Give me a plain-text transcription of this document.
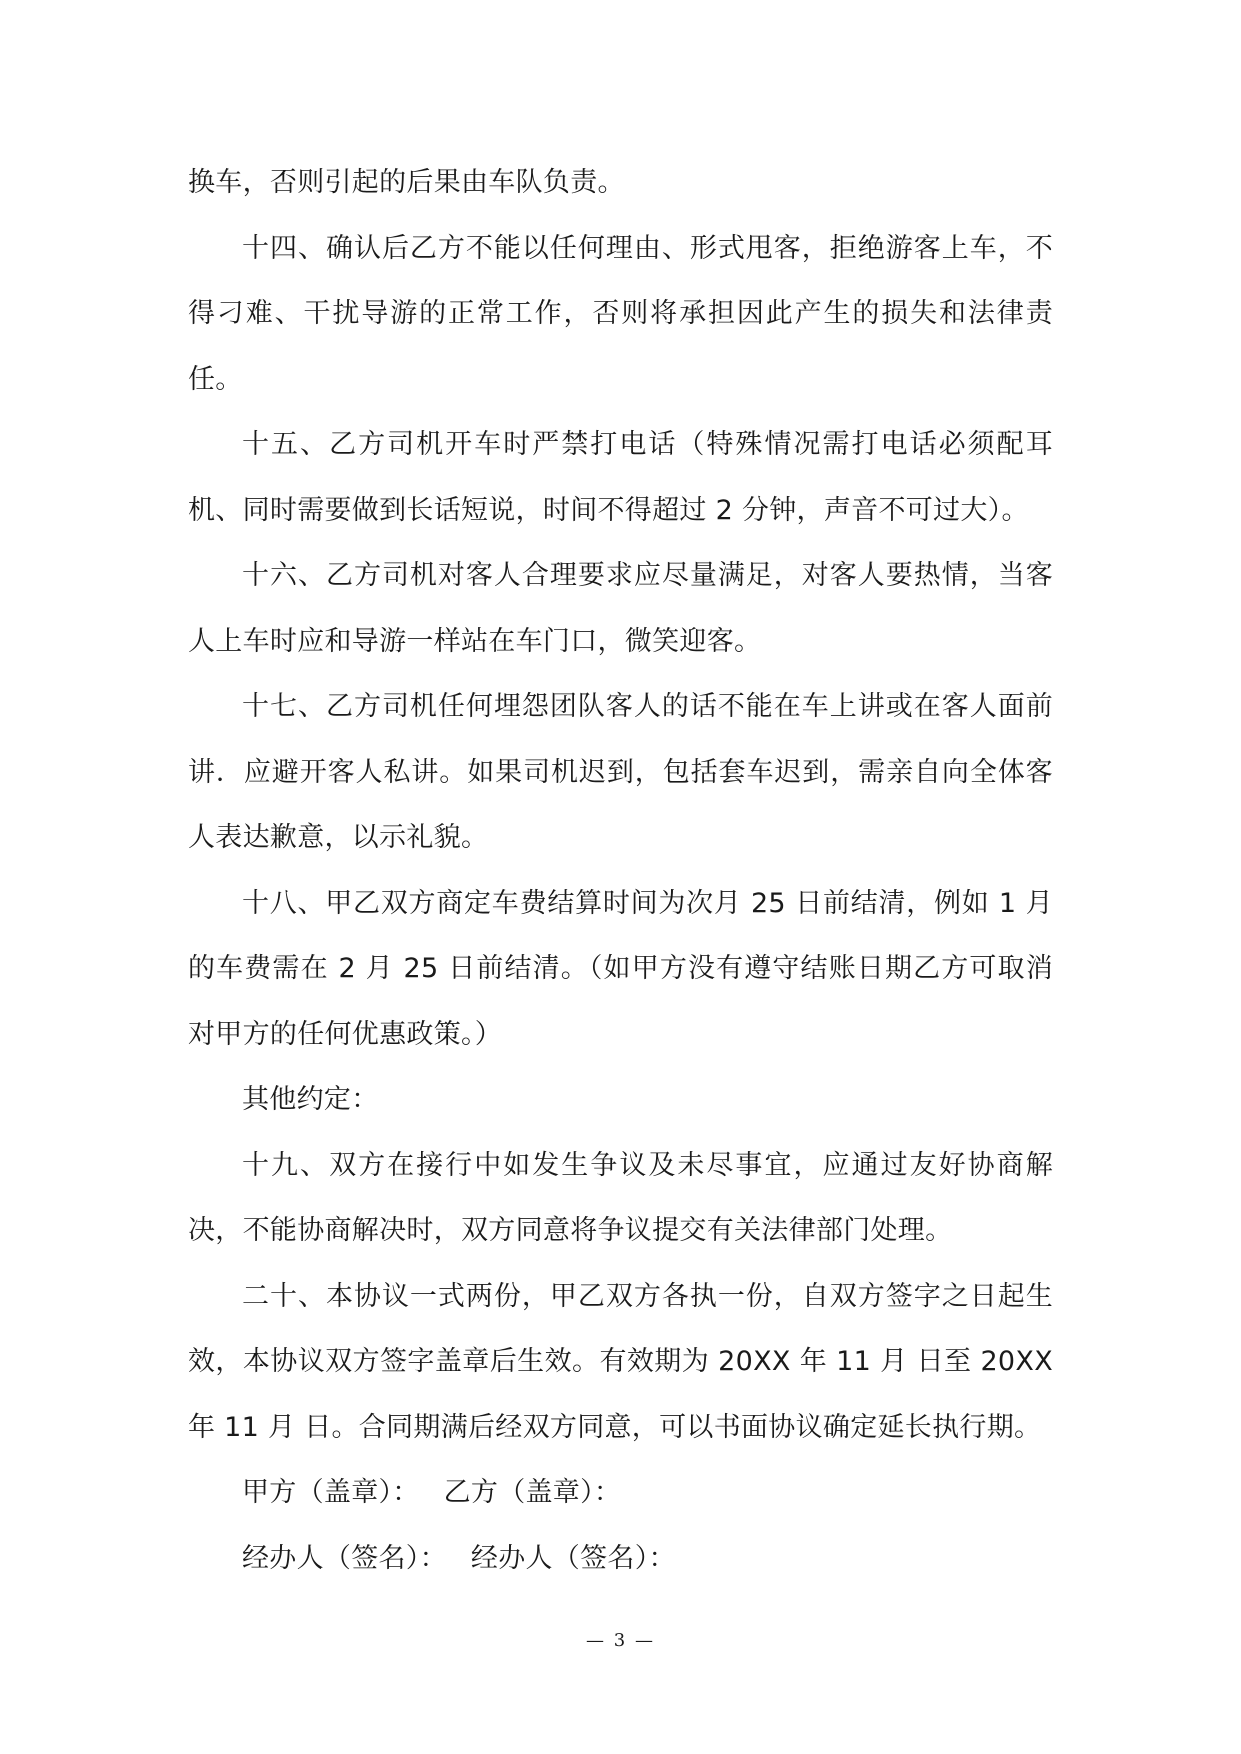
换车，否则引起的后果由车队负责。

十四、确认后乙方不能以任何理由、形式甩客，拒绝游客上车，不得刁难、干扰导游的正常工作，否则将承担因此产生的损失和法律责任。

十五、乙方司机开车时严禁打电话（特殊情况需打电话必须配耳机、同时需要做到长话短说，时间不得超过 2 分钟，声音不可过大）。

十六、乙方司机对客人合理要求应尽量满足，对客人要热情，当客人上车时应和导游一样站在车门口，微笑迎客。

十七、乙方司机任何埋怨团队客人的话不能在车上讲或在客人面前讲．应避开客人私讲。如果司机迟到，包括套车迟到，需亲自向全体客人表达歉意，以示礼貌。

十八、甲乙双方商定车费结算时间为次月 25 日前结清，例如 1 月的车费需在 2 月 25 日前结清。（如甲方没有遵守结账日期乙方可取消对甲方的任何优惠政策。）

其他约定：

十九、双方在接行中如发生争议及未尽事宜，应通过友好协商解决，不能协商解决时，双方同意将争议提交有关法律部门处理。

二十、本协议一式两份，甲乙双方各执一份，自双方签字之日起生效，本协议双方签字盖章后生效。有效期为 20XX 年 11 月 日至 20XX 年 11 月 日。合同期满后经双方同意，可以书面协议确定延长执行期。

甲方（盖章）： 乙方（盖章）：
经办人（签名）： 经办人（签名）：
— 3 —
